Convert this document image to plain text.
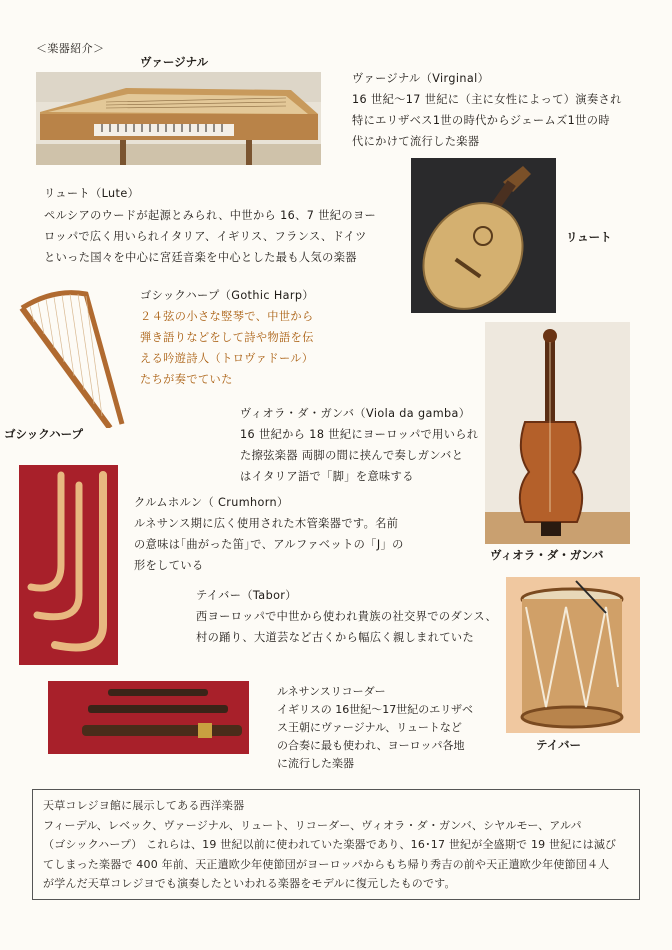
＜楽器紹介＞
ヴァージナル
ヴァージナル（Virginal）
16 世紀～17 世紀に（主に女性によって）演奏され
特にエリザベス1世の時代からジェームズ1世の時
代にかけて流行した楽器
リュート（Lute）
ペルシアのウードが起源とみられ、中世から 16、7 世紀のヨー
ロッパで広く用いられイタリア、イギリス、フランス、ドイツ
といった国々を中心に宮廷音楽を中心とした最も人気の楽器
リュート
ゴシックハープ
ゴシックハープ（Gothic Harp）
２４弦の小さな竪琴で、中世から
弾き語りなどをして詩や物語を伝
える吟遊詩人（トロヴァドール）
たちが奏でていた
ヴィオラ・ダ・ガンバ
ヴィオラ・ダ・ガンバ（Viola da gamba）
16 世紀から 18 世紀にヨーロッパで用いられ
た擦弦楽器 両脚の間に挟んで奏しガンバと
はイタリア語で「脚」を意味する
クルムホルン（ Crumhorn）
ルネサンス期に広く使用された木管楽器です。名前
の意味は｢曲がった笛｣で、アルファベットの「J」の
形をしている
テイバー（Tabor）
西ヨーロッパで中世から使われ貴族の社交界でのダンス、
村の踊り、大道芸など古くから幅広く親しまれていた
テイバー
ルネサンスリコーダー
イギリスの 16世紀～17世紀のエリザベ
ス王朝にヴァージナル、リュートなど
の合奏に最も使われ、ヨーロッパ各地
に流行した楽器
天草コレジヨ館に展示してある西洋楽器
フィーデル、レベック、ヴァージナル、リュート、リコーダー、ヴィオラ・ダ・ガンバ、シヤルモー、アルパ
（ゴシックハープ） これらは、19 世紀以前に使われていた楽器であり、16･17 世紀が全盛期で 19 世紀には滅び
てしまった楽器で 400 年前、天正遣欧少年使節団がヨーロッパからもち帰り秀吉の前や天正遣欧少年使節団４人
が学んだ天草コレジヨでも演奏したといわれる楽器をモデルに復元したものです。
